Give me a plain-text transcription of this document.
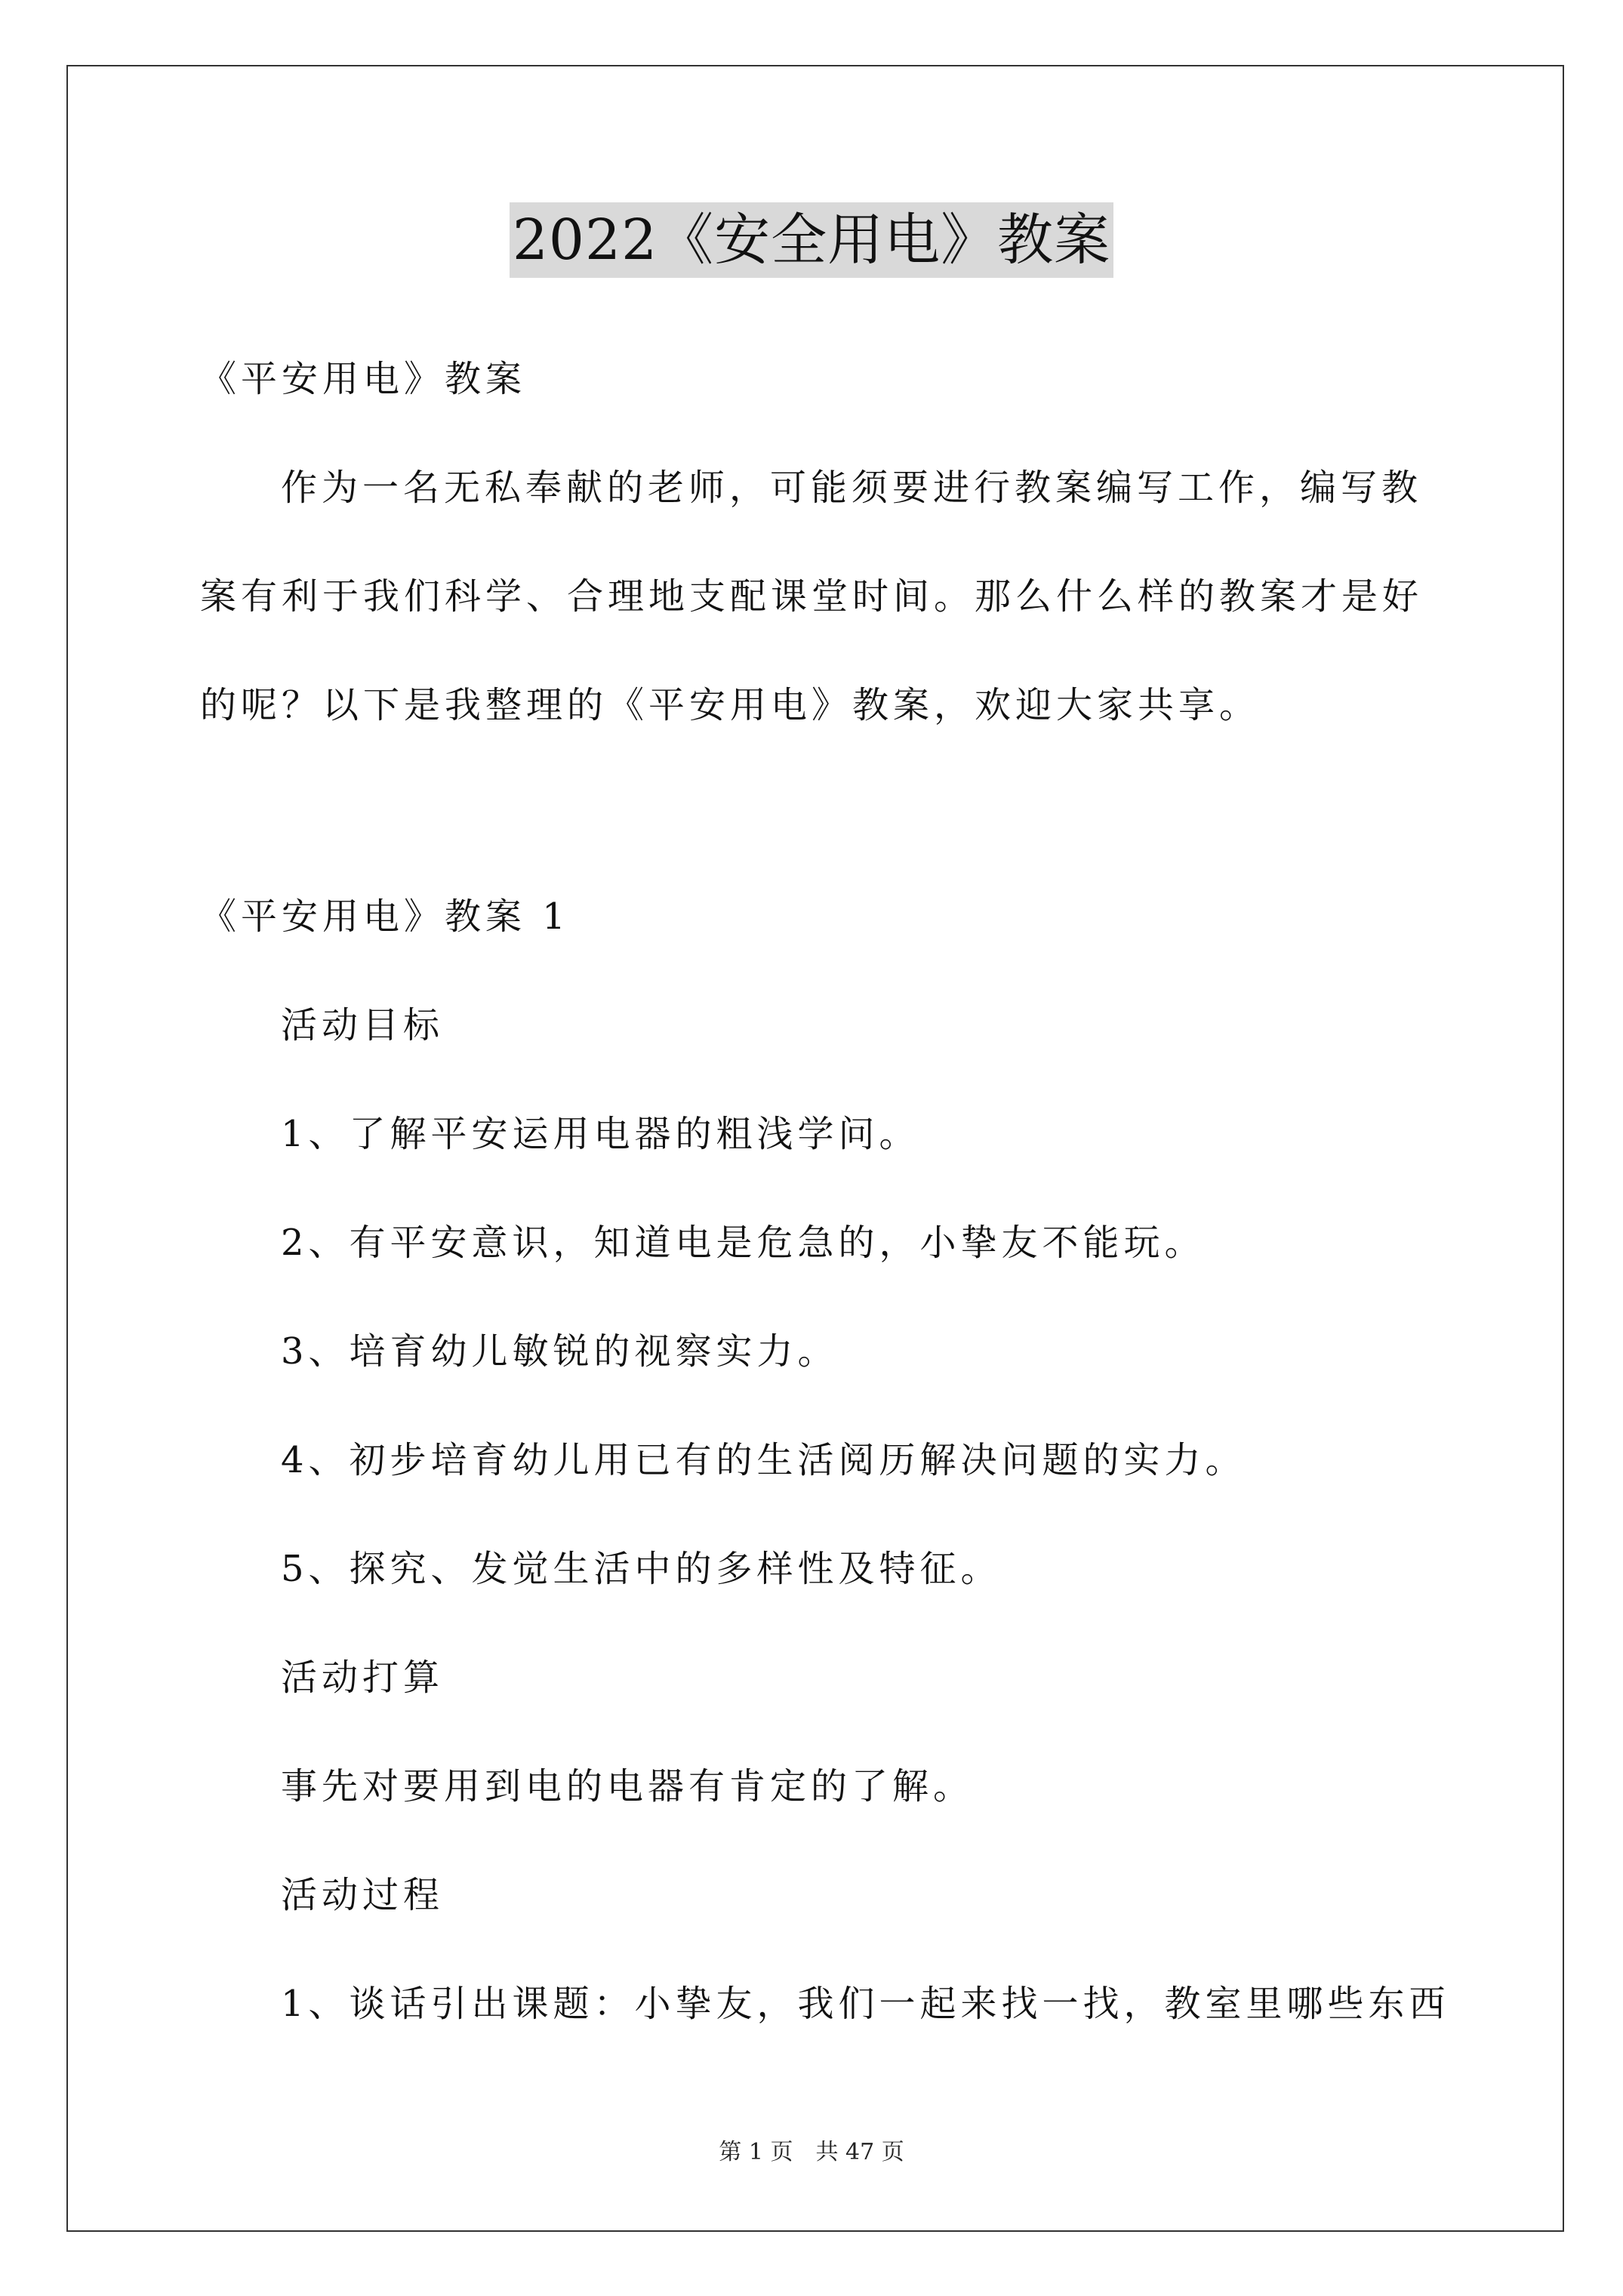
2022《安全用电》教案
《平安用电》教案
作为一名无私奉献的老师，可能须要进行教案编写工作，编写教
案有利于我们科学、合理地支配课堂时间。那么什么样的教案才是好
的呢？以下是我整理的《平安用电》教案，欢迎大家共享。
《平安用电》教案 1
活动目标
1、了解平安运用电器的粗浅学问。
2、有平安意识，知道电是危急的，小挚友不能玩。
3、培育幼儿敏锐的视察实力。
4、初步培育幼儿用已有的生活阅历解决问题的实力。
5、探究、发觉生活中的多样性及特征。
活动打算
事先对要用到电的电器有肯定的了解。
活动过程
1、谈话引出课题：小挚友，我们一起来找一找，教室里哪些东西
第 1 页　共 47 页
